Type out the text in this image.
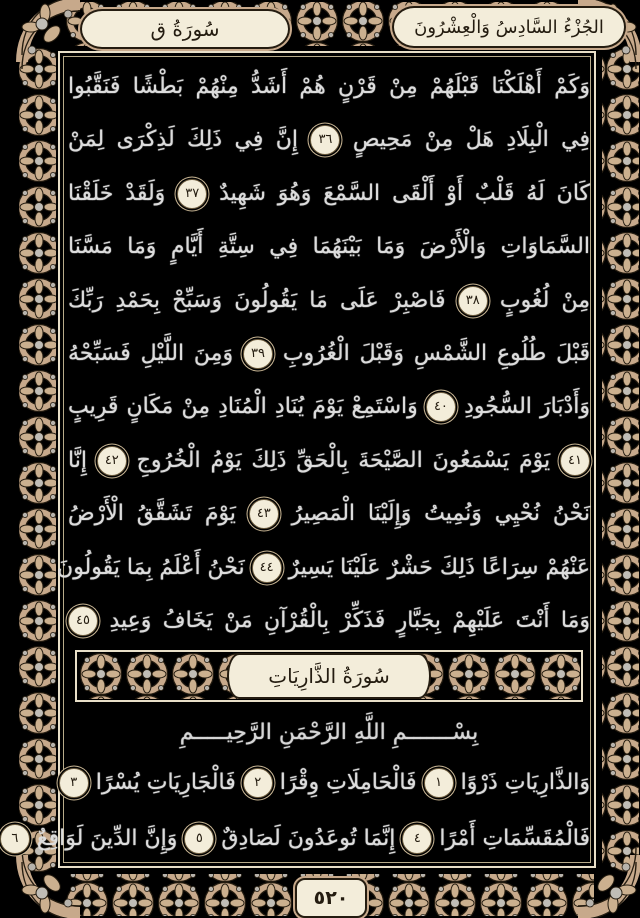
سُورَةُ ق	الجُزْءُ السَّادِسُ وَالْعِشْرُونَ
وَكَمْ أَهْلَكْنَا قَبْلَهُمْ مِنْ قَرْنٍ هُمْ أَشَدُّ مِنْهُمْ بَطْشًا فَنَقَّبُوا
فِي الْبِلَادِ هَلْ مِنْ مَحِيصٍ ٣٦ إِنَّ فِي ذَلِكَ لَذِكْرَى لِمَنْ
كَانَ لَهُ قَلْبٌ أَوْ أَلْقَى السَّمْعَ وَهُوَ شَهِيدٌ ٣٧ وَلَقَدْ خَلَقْنَا
السَّمَاوَاتِ وَالْأَرْضَ وَمَا بَيْنَهُمَا فِي سِتَّةِ أَيَّامٍ وَمَا مَسَّنَا
مِنْ لُغُوبٍ ٣٨ فَاصْبِرْ عَلَى مَا يَقُولُونَ وَسَبِّحْ بِحَمْدِ رَبِّكَ
قَبْلَ طُلُوعِ الشَّمْسِ وَقَبْلَ الْغُرُوبِ ٣٩ وَمِنَ اللَّيْلِ فَسَبِّحْهُ
وَأَدْبَارَ السُّجُودِ ٤٠ وَاسْتَمِعْ يَوْمَ يُنَادِ الْمُنَادِ مِنْ مَكَانٍ قَرِيبٍ
٤١ يَوْمَ يَسْمَعُونَ الصَّيْحَةَ بِالْحَقِّ ذَلِكَ يَوْمُ الْخُرُوجِ ٤٢ إِنَّا
نَحْنُ نُحْيِي وَنُمِيتُ وَإِلَيْنَا الْمَصِيرُ ٤٣ يَوْمَ تَشَقَّقُ الْأَرْضُ
عَنْهُمْ سِرَاعًا ذَلِكَ حَشْرٌ عَلَيْنَا يَسِيرٌ ٤٤ نَحْنُ أَعْلَمُ بِمَا يَقُولُونَ
وَمَا أَنْتَ عَلَيْهِمْ بِجَبَّارٍ فَذَكِّرْ بِالْقُرْآنِ مَنْ يَخَافُ وَعِيدِ ٤٥
سُورَةُ الذَّارِيَاتِ
بِسْـــــــمِ اللَّهِ الرَّحْمَنِ الرَّحِيـــــمِ
وَالذَّارِيَاتِ ذَرْوًا ١ فَالْحَامِلَاتِ وِقْرًا ٢ فَالْجَارِيَاتِ يُسْرًا ٣
فَالْمُقَسِّمَاتِ أَمْرًا ٤ إِنَّمَا تُوعَدُونَ لَصَادِقٌ ٥ وَإِنَّ الدِّينَ لَوَاقِعٌ ٦
٥٢٠
